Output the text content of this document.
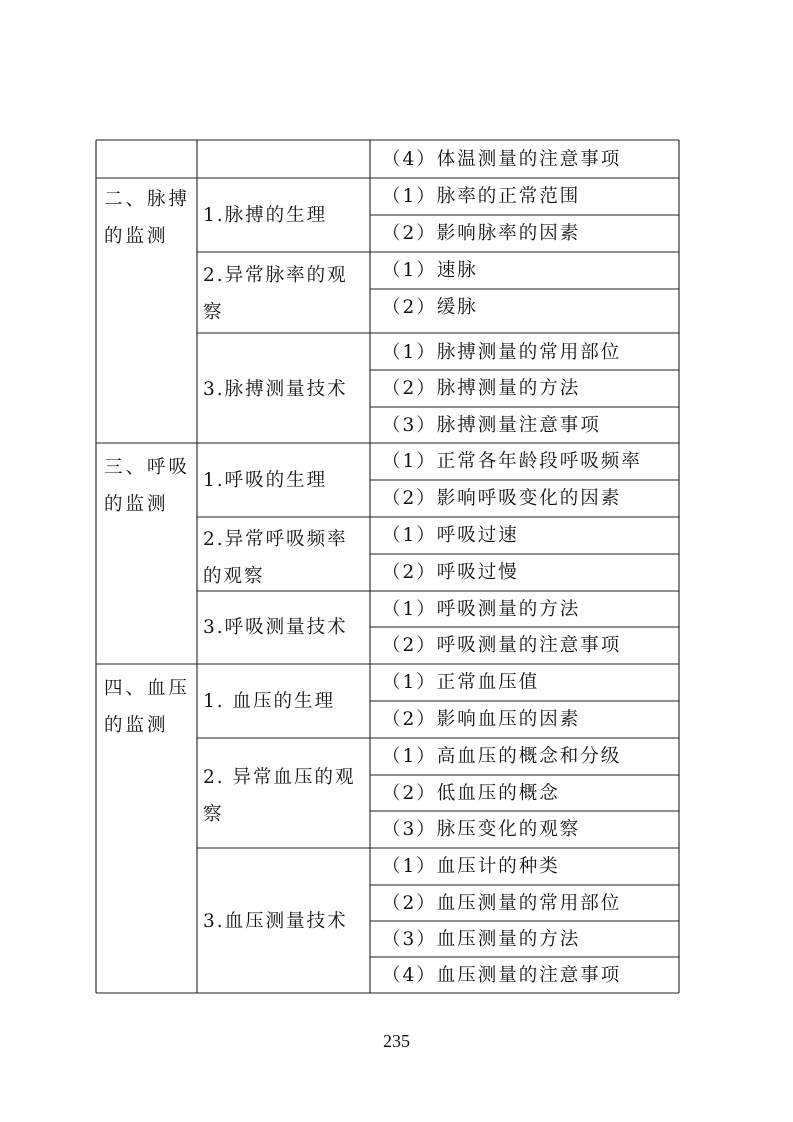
（4）体温测量的注意事项
（1）脉率的正常范围
（2）影响脉率的因素
（1）速脉
（2）缓脉
（1）脉搏测量的常用部位
（2）脉搏测量的方法
（3）脉搏测量注意事项
（1）正常各年龄段呼吸频率
（2）影响呼吸变化的因素
（1）呼吸过速
（2）呼吸过慢
（1）呼吸测量的方法
（2）呼吸测量的注意事项
（1）正常血压值
（2）影响血压的因素
（1）高血压的概念和分级
（2）低血压的概念
（3）脉压变化的观察
（1）血压计的种类
（2）血压测量的常用部位
（3）血压测量的方法
（4）血压测量的注意事项
1.脉搏的生理
2.异常脉率的观察
3.脉搏测量技术
1.呼吸的生理
2.异常呼吸频率的观察
3.呼吸测量技术
1. 血压的生理
2. 异常血压的观察
3.血压测量技术
二、脉搏的监测
三、呼吸的监测
四、血压的监测
235
